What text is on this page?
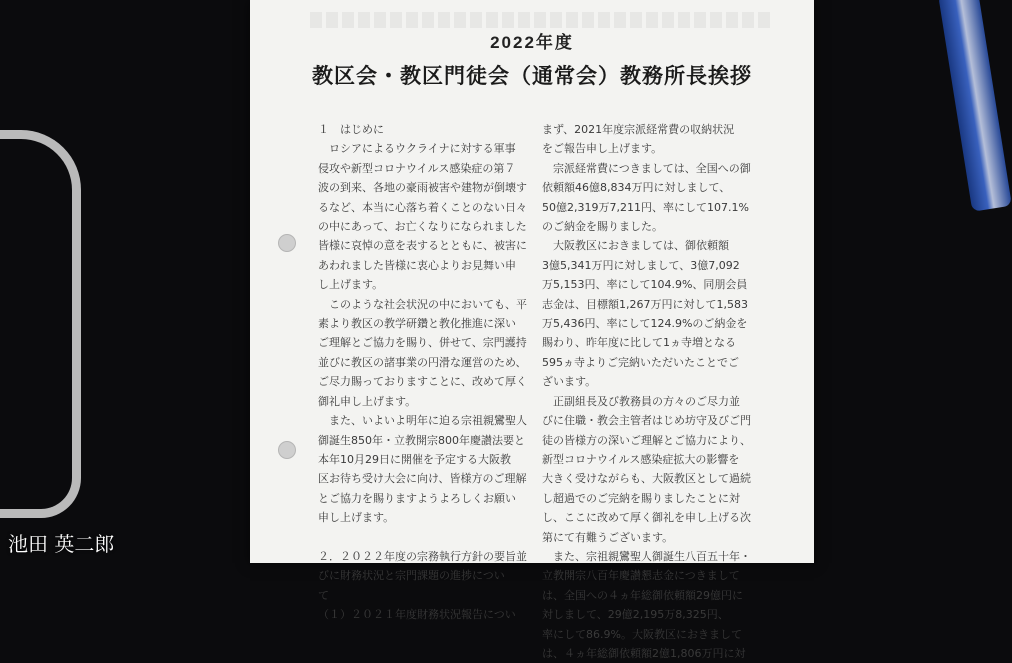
2022年度
教区会・教区門徒会（通常会）教務所長挨拶

１　はじめに

　ロシアによるウクライナに対する軍事

侵攻や新型コロナウイルス感染症の第７

波の到来、各地の豪雨被害や建物が倒壊す

るなど、本当に心落ち着くことのない日々

の中にあって、お亡くなりになられました

皆様に哀悼の意を表するとともに、被害に

あわれました皆様に衷心よりお見舞い申

し上げます。

　このような社会状況の中においても、平

素より教区の教学研鑽と教化推進に深い

ご理解とご協力を賜り、併せて、宗門護持

並びに教区の諸事業の円滑な運営のため、

ご尽力賜っておりますことに、改めて厚く

御礼申し上げます。

　また、いよいよ明年に迫る宗祖親鸞聖人

御誕生850年・立教開宗800年慶讃法要と

本年10月29日に開催を予定する大阪教

区お待ち受け大会に向け、皆様方のご理解

とご協力を賜りますようよろしくお願い

申し上げます。

２．２０２２年度の宗務執行方針の要旨並

びに財務状況と宗門課題の進捗につい

て

（１）２０２１年度財務状況報告につい

まず、2021年度宗派経常費の収納状況

をご報告申し上げます。

　宗派経常費につきましては、全国への御

依頼額46億8,834万円に対しまして、

50億2,319万7,211円、率にして107.1%

のご納金を賜りました。

　大阪教区におきましては、御依頼額

3億5,341万円に対しまして、3億7,092

万5,153円、率にして104.9%、同朋会員

志金は、目標額1,267万円に対して1,583

万5,436円、率にして124.9%のご納金を

賜わり、昨年度に比して1ヵ寺増となる

595ヵ寺よりご完納いただいたことでご

ざいます。

　正副組長及び教務員の方々のご尽力並

びに住職・教会主管者はじめ坊守及びご門

徒の皆様方の深いご理解とご協力により、

新型コロナウイルス感染症拡大の影響を

大きく受けながらも、大阪教区として過続

し超過でのご完納を賜りましたことに対

し、ここに改めて厚く御礼を申し上げる次

第にて有難うございます。

　また、宗祖親鸞聖人御誕生八百五十年・

立教開宗八百年慶讃懇志金につきまして

は、全国への４ヵ年総御依頼額29億円に

対しまして、29億2,195万8,325円、

率にして86.9%。大阪教区におきまして

は、４ヵ年総御依頼額2億1,806万円に対

池田 英二郎
